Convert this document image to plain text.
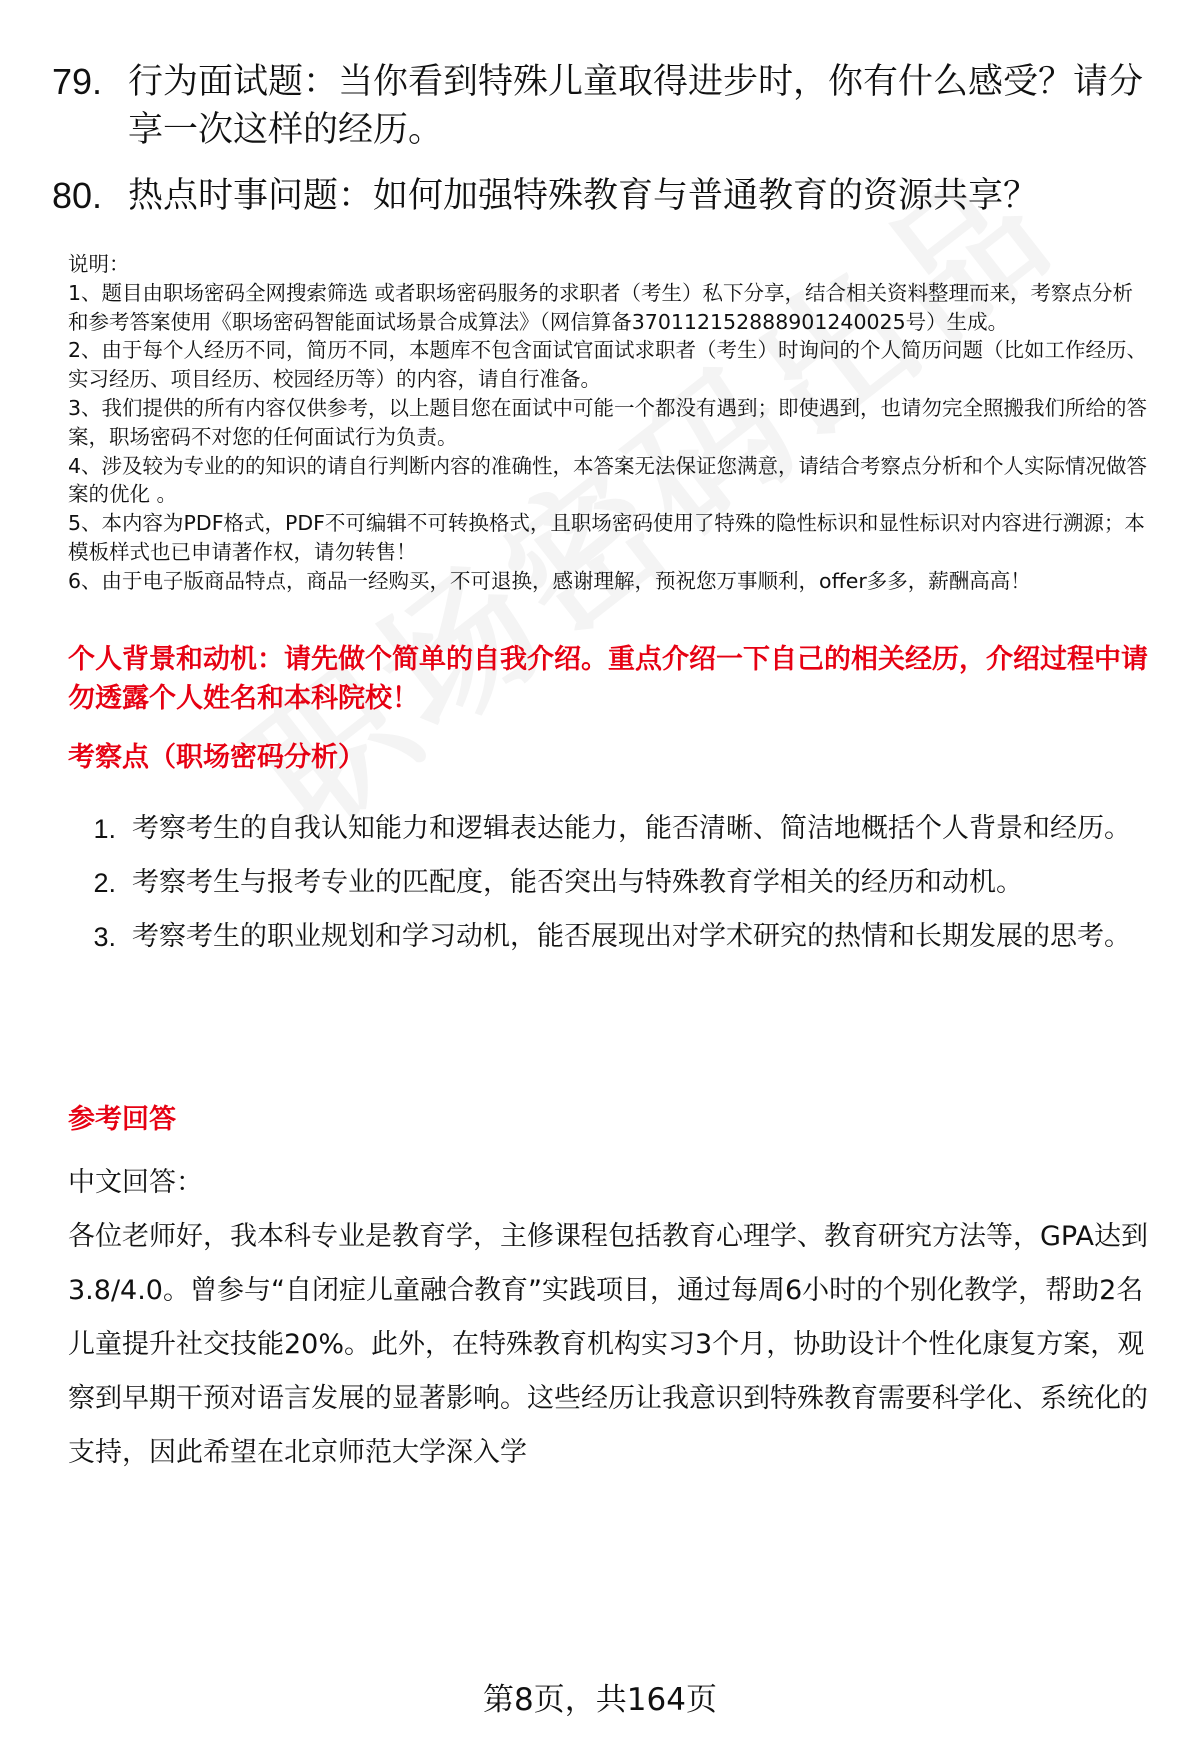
79. 行为面试题：当你看到特殊儿童取得进步时，你有什么感受？请分享一次这样的经历。
80. 热点时事问题：如何加强特殊教育与普通教育的资源共享？

说明：

1、题目由职场密码全网搜索筛选 或者职场密码服务的求职者（考生）私下分享，结合相关资料整理而来，考察点分析和参考答案使用《职场密码智能面试场景合成算法》（网信算备370112152888901240025号）生成。

2、由于每个人经历不同，简历不同，本题库不包含面试官面试求职者（考生）时询问的个人简历问题（比如工作经历、实习经历、项目经历、校园经历等）的内容，请自行准备。

3、我们提供的所有内容仅供参考，以上题目您在面试中可能一个都没有遇到；即使遇到，也请勿完全照搬我们所给的答案，职场密码不对您的任何面试行为负责。

4、涉及较为专业的的知识的请自行判断内容的准确性，本答案无法保证您满意，请结合考察点分析和个人实际情况做答案的优化 。

5、本内容为PDF格式，PDF不可编辑不可转换格式，且职场密码使用了特殊的隐性标识和显性标识对内容进行溯源；本模板样式也已申请著作权，请勿转售！

6、由于电子版商品特点，商品一经购买，不可退换，感谢理解，预祝您万事顺利，offer多多，薪酬高高！

个人背景和动机：请先做个简单的自我介绍。重点介绍一下自己的相关经历，介绍过程中请勿透露个人姓名和本科院校！
考察点（职场密码分析）
1. 考察考生的自我认知能力和逻辑表达能力，能否清晰、简洁地概括个人背景和经历。
2. 考察考生与报考专业的匹配度，能否突出与特殊教育学相关的经历和动机。
3. 考察考生的职业规划和学习动机，能否展现出对学术研究的热情和长期发展的思考。
参考回答

中文回答：

各位老师好，我本科专业是教育学，主修课程包括教育心理学、教育研究方法等，GPA达到3.8/4.0。曾参与“自闭症儿童融合教育”实践项目，通过每周6小时的个别化教学，帮助2名儿童提升社交技能20%。此外，在特殊教育机构实习3个月，协助设计个性化康复方案，观察到早期干预对语言发展的显著影响。这些经历让我意识到特殊教育需要科学化、系统化的支持，因此希望在北京师范大学深入学

第8页，共164页
